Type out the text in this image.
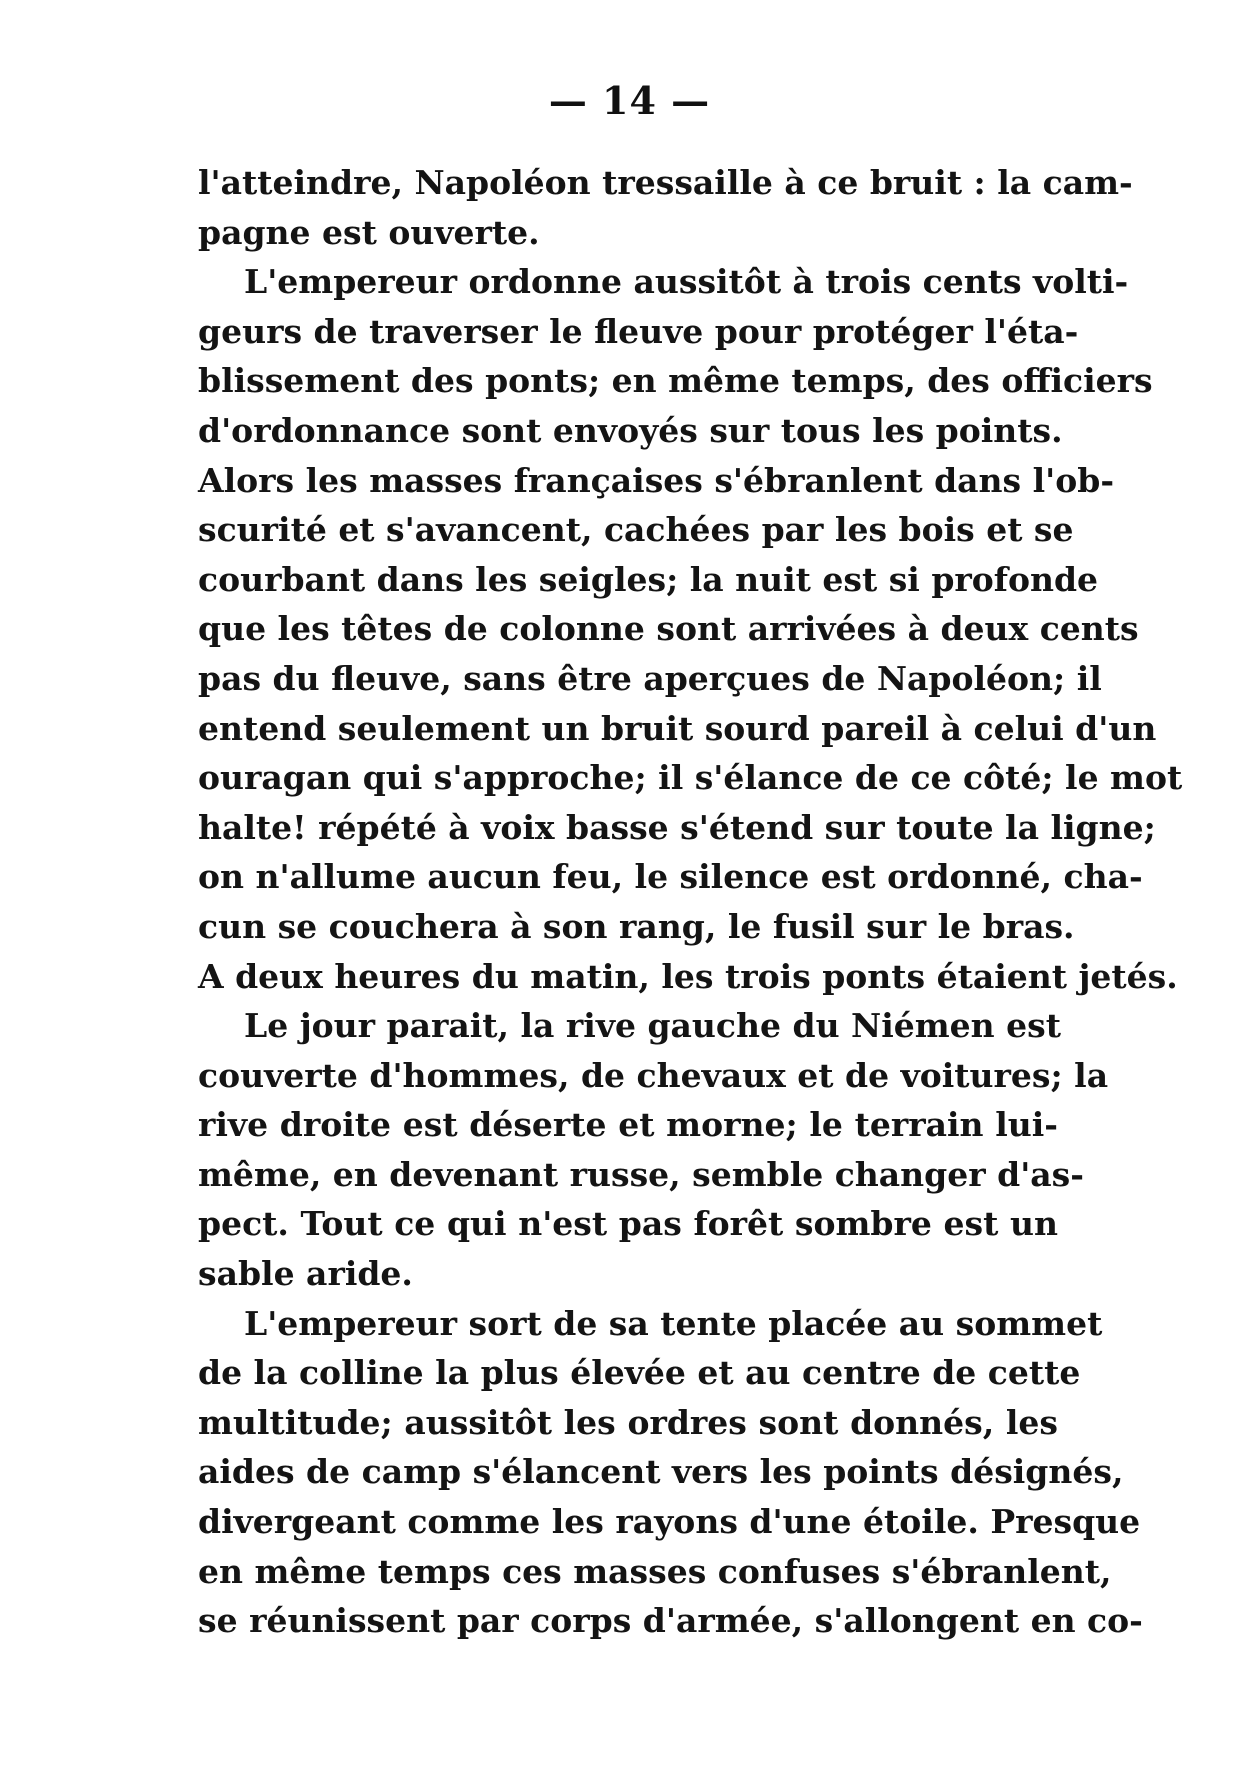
— 14 —
l'atteindre, Napoléon tressaille à ce bruit : la cam-
pagne est ouverte.
L'empereur ordonne aussitôt à trois cents volti-
geurs de traverser le fleuve pour protéger l'éta-
blissement des ponts; en même temps, des officiers
d'ordonnance sont envoyés sur tous les points.
Alors les masses françaises s'ébranlent dans l'ob-
scurité et s'avancent, cachées par les bois et se
courbant dans les seigles; la nuit est si profonde
que les têtes de colonne sont arrivées à deux cents
pas du fleuve, sans être aperçues de Napoléon; il
entend seulement un bruit sourd pareil à celui d'un
ouragan qui s'approche; il s'élance de ce côté; le mot
halte! répété à voix basse s'étend sur toute la ligne;
on n'allume aucun feu, le silence est ordonné, cha-
cun se couchera à son rang, le fusil sur le bras.
A deux heures du matin, les trois ponts étaient jetés.
Le jour parait, la rive gauche du Niémen est
couverte d'hommes, de chevaux et de voitures; la
rive droite est déserte et morne; le terrain lui-
même, en devenant russe, semble changer d'as-
pect. Tout ce qui n'est pas forêt sombre est un
sable aride.
L'empereur sort de sa tente placée au sommet
de la colline la plus élevée et au centre de cette
multitude; aussitôt les ordres sont donnés, les
aides de camp s'élancent vers les points désignés,
divergeant comme les rayons d'une étoile. Presque
en même temps ces masses confuses s'ébranlent,
se réunissent par corps d'armée, s'allongent en co-
